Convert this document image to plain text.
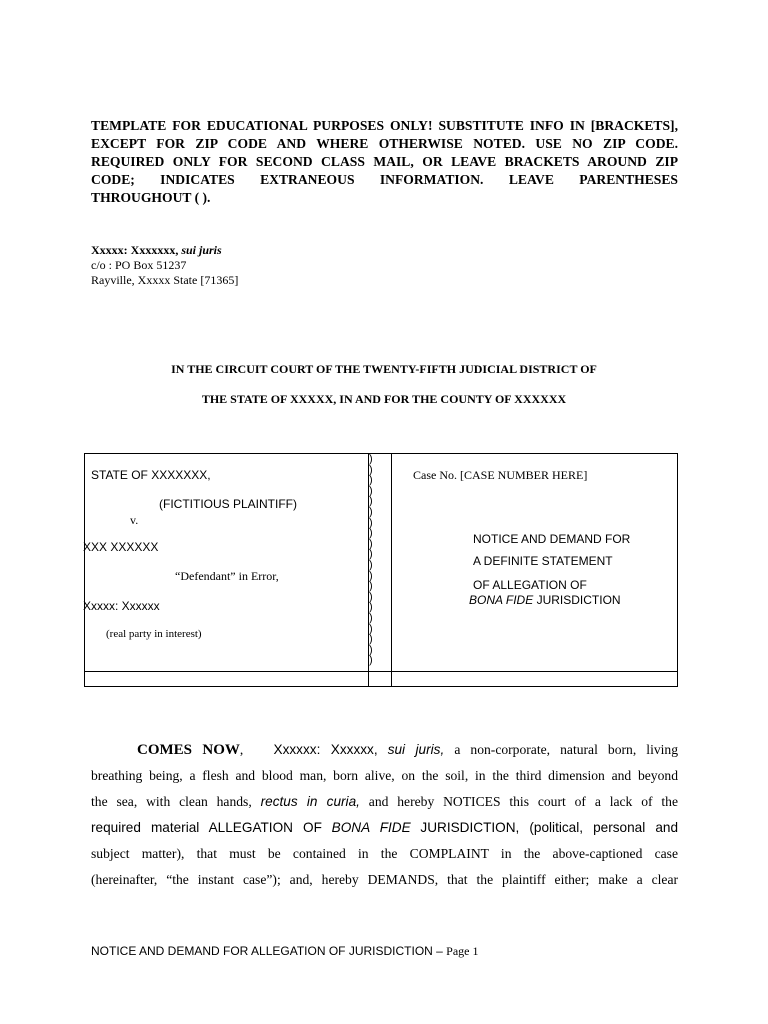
TEMPLATE FOR EDUCATIONAL PURPOSES ONLY! SUBSTITUTE INFO IN [BRACKETS],
EXCEPT FOR ZIP CODE AND WHERE OTHERWISE NOTED. USE NO ZIP CODE.
REQUIRED ONLY FOR SECOND CLASS MAIL, OR LEAVE BRACKETS AROUND ZIP
CODE; INDICATES EXTRANEOUS INFORMATION. LEAVE PARENTHESES
THROUGHOUT ( ).
Xxxxx: Xxxxxxx, sui juris
c/o : PO Box 51237
Rayville, Xxxxx State [71365]
IN THE CIRCUIT COURT OF THE TWENTY-FIFTH JUDICIAL DISTRICT OF
THE STATE OF XXXXX, IN AND FOR THE COUNTY OF XXXXXX
)
)
)
)
)
)
)
)
)
)
)
)
)
)
)
)
)
)
)
)
STATE OF XXXXXXX,
(FICTITIOUS PLAINTIFF)
v.
XXX XXXXXX
“Defendant” in Error,
Xxxxx: Xxxxxx
(real party in interest)
Case No. [CASE NUMBER HERE]
NOTICE AND DEMAND FOR
A DEFINITE STATEMENT
OF ALLEGATION OF
BONA FIDE JURISDICTION
COMES NOW,   Xxxxxx: Xxxxxx, sui juris, a non-corporate, natural born, living
breathing being, a flesh and blood man, born alive, on the soil, in the third dimension and beyond
the sea, with clean hands, rectus in curia, and hereby NOTICES this court of a lack of the
required material ALLEGATION OF BONA FIDE JURISDICTION, (political, personal and
subject matter), that must be contained in the COMPLAINT in the above-captioned case
(hereinafter, “the instant case”); and, hereby DEMANDS, that the plaintiff either; make a clear
NOTICE AND DEMAND FOR ALLEGATION OF JURISDICTION – Page 1
